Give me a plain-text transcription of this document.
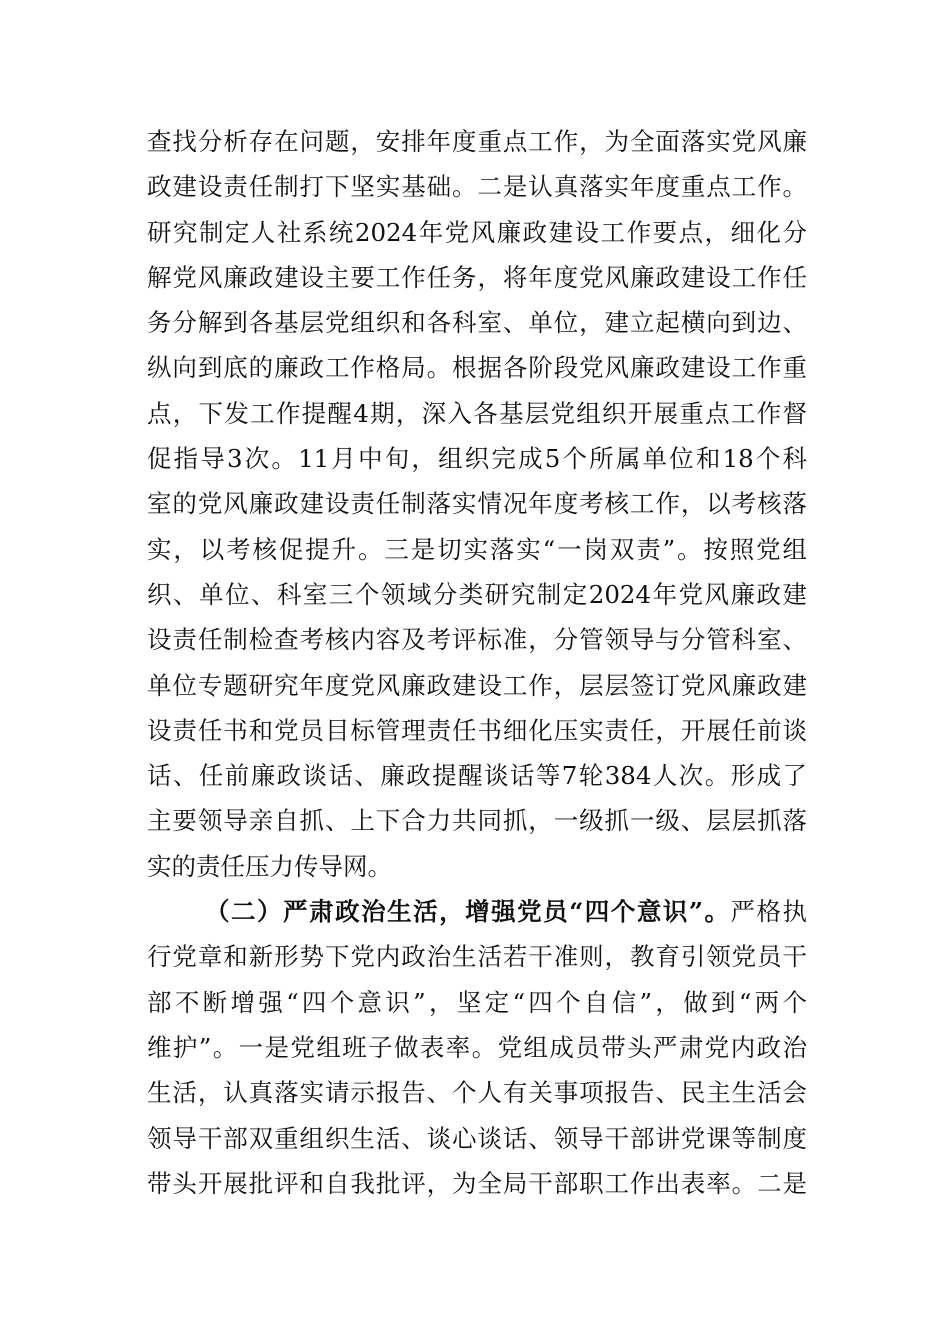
查找分析存在问题，安排年度重点工作，为全面落实党风廉
政建设责任制打下坚实基础。二是认真落实年度重点工作。
研究制定人社系统2024年党风廉政建设工作要点，细化分
解党风廉政建设主要工作任务，将年度党风廉政建设工作任
务分解到各基层党组织和各科室、单位，建立起横向到边、
纵向到底的廉政工作格局。根据各阶段党风廉政建设工作重
点，下发工作提醒4期，深入各基层党组织开展重点工作督
促指导3次。11月中旬，组织完成5个所属单位和18个科
室的党风廉政建设责任制落实情况年度考核工作，以考核落
实，以考核促提升。三是切实落实“一岗双责”。按照党组
织、单位、科室三个领域分类研究制定2024年党风廉政建
设责任制检查考核内容及考评标准，分管领导与分管科室、
单位专题研究年度党风廉政建设工作，层层签订党风廉政建
设责任书和党员目标管理责任书细化压实责任，开展任前谈
话、任前廉政谈话、廉政提醒谈话等7轮384人次。形成了
主要领导亲自抓、上下合力共同抓，一级抓一级、层层抓落
实的责任压力传导网。
（二）严肃政治生活，增强党员“四个意识”。严格执
行党章和新形势下党内政治生活若干准则，教育引领党员干
部不断增强“四个意识”，坚定“四个自信”，做到“两个
维护”。一是党组班子做表率。党组成员带头严肃党内政治
生活，认真落实请示报告、个人有关事项报告、民主生活会
领导干部双重组织生活、谈心谈话、领导干部讲党课等制度
带头开展批评和自我批评，为全局干部职工作出表率。二是
